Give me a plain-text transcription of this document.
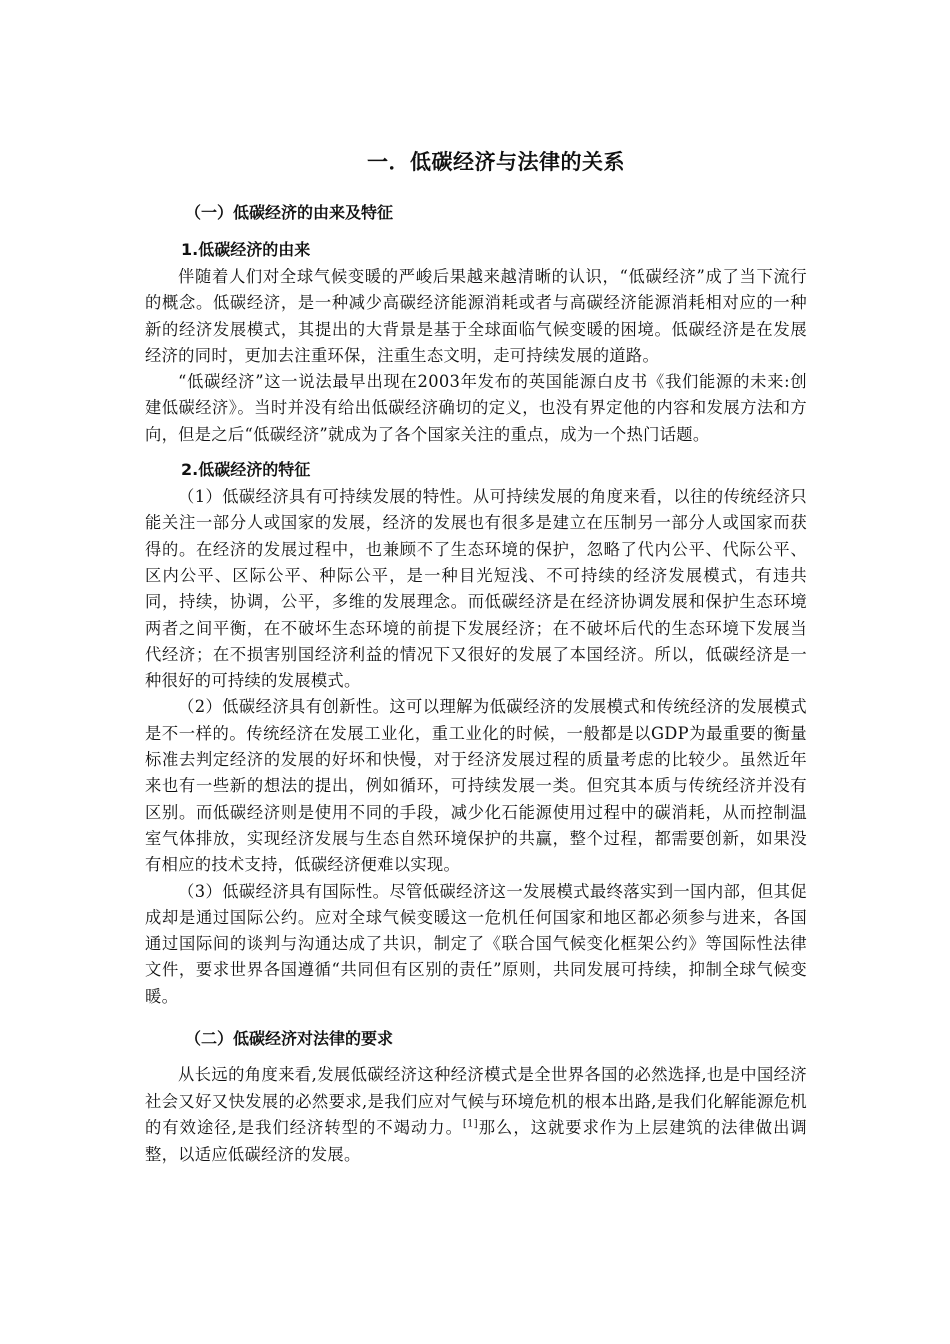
一．低碳经济与法律的关系
（一）低碳经济的由来及特征
1.低碳经济的由来

伴随着人们对全球气候变暖的严峻后果越来越清晰的认识，“低碳经济”成了当下流行的概念。低碳经济，是一种减少高碳经济能源消耗或者与高碳经济能源消耗相对应的一种新的经济发展模式，其提出的大背景是基于全球面临气候变暖的困境。低碳经济是在发展经济的同时，更加去注重环保，注重生态文明，走可持续发展的道路。

“低碳经济”这一说法最早出现在2003年发布的英国能源白皮书《我们能源的未来:创建低碳经济》。当时并没有给出低碳经济确切的定义，也没有界定他的内容和发展方法和方向，但是之后“低碳经济”就成为了各个国家关注的重点，成为一个热门话题。

2.低碳经济的特征

（1）低碳经济具有可持续发展的特性。从可持续发展的角度来看，以往的传统经济只能关注一部分人或国家的发展，经济的发展也有很多是建立在压制另一部分人或国家而获得的。在经济的发展过程中，也兼顾不了生态环境的保护，忽略了代内公平、代际公平、区内公平、区际公平、种际公平，是一种目光短浅、不可持续的经济发展模式，有违共同，持续，协调，公平，多维的发展理念。而低碳经济是在经济协调发展和保护生态环境两者之间平衡，在不破坏生态环境的前提下发展经济；在不破坏后代的生态环境下发展当代经济；在不损害别国经济利益的情况下又很好的发展了本国经济。所以，低碳经济是一种很好的可持续的发展模式。

（2）低碳经济具有创新性。这可以理解为低碳经济的发展模式和传统经济的发展模式是不一样的。传统经济在发展工业化，重工业化的时候，一般都是以GDP为最重要的衡量标准去判定经济的发展的好坏和快慢，对于经济发展过程的质量考虑的比较少。虽然近年来也有一些新的想法的提出，例如循环，可持续发展一类。但究其本质与传统经济并没有区别。而低碳经济则是使用不同的手段，减少化石能源使用过程中的碳消耗，从而控制温室气体排放，实现经济发展与生态自然环境保护的共赢，整个过程，都需要创新，如果没有相应的技术支持，低碳经济便难以实现。

（3）低碳经济具有国际性。尽管低碳经济这一发展模式最终落实到一国内部，但其促成却是通过国际公约。应对全球气候变暖这一危机任何国家和地区都必须参与进来，各国通过国际间的谈判与沟通达成了共识，制定了《联合国气候变化框架公约》等国际性法律文件，要求世界各国遵循“共同但有区别的责任”原则，共同发展可持续，抑制全球气候变暖。

（二）低碳经济对法律的要求

从长远的角度来看,发展低碳经济这种经济模式是全世界各国的必然选择,也是中国经济社会又好又快发展的必然要求,是我们应对气候与环境危机的根本出路,是我们化解能源危机的有效途径,是我们经济转型的不竭动力。[1]那么，这就要求作为上层建筑的法律做出调整，以适应低碳经济的发展。
